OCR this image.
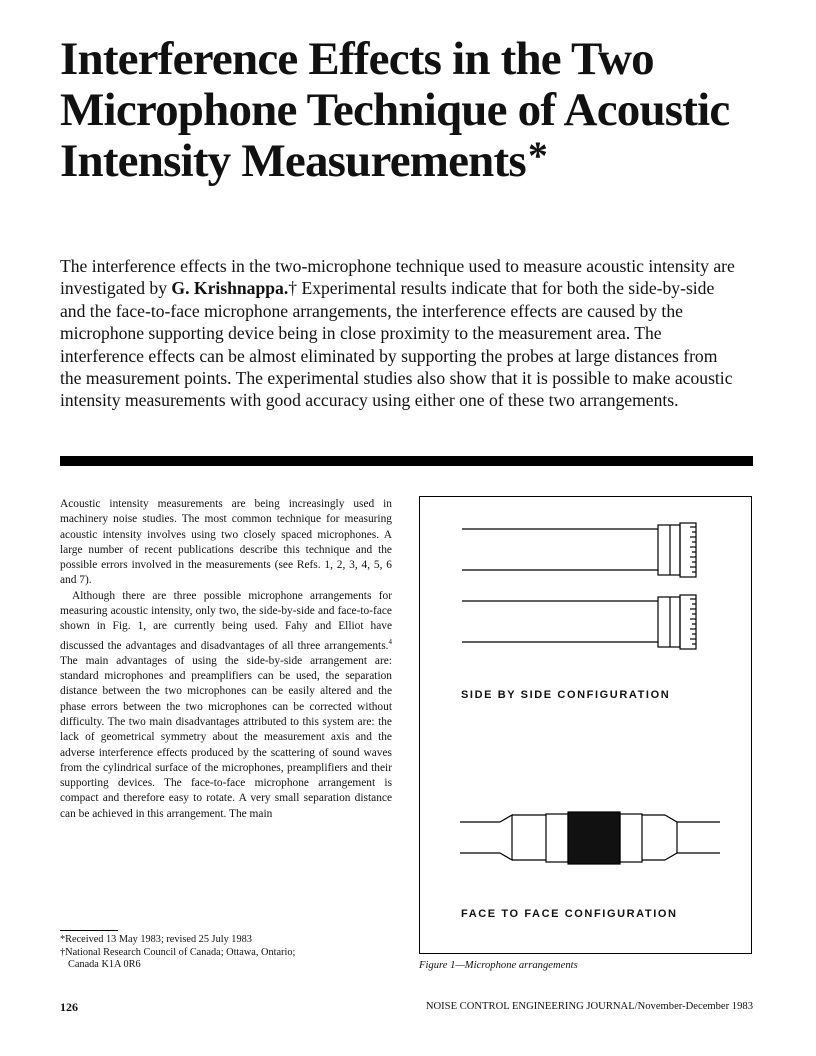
Interference Effects in the Two Microphone Technique of Acoustic Intensity Measurements*

The interference effects in the two-microphone technique used to measure acoustic intensity are investigated by G. Krishnappa.† Experimental results indicate that for both the side-by-side and the face-to-face microphone arrangements, the interference effects are caused by the microphone supporting device being in close proximity to the measurement area. The interference effects can be almost eliminated by supporting the probes at large distances from the measurement points. The experimental studies also show that it is possible to make acoustic intensity measurements with good accuracy using either one of these two arrangements.

Acoustic intensity measurements are being increasingly used in machinery noise studies. The most common technique for measuring acoustic intensity involves using two closely spaced microphones. A large number of recent publications describe this technique and the possible errors involved in the measurements (see Refs. 1, 2, 3, 4, 5, 6 and 7).

Although there are three possible microphone arrangements for measuring acoustic intensity, only two, the side-by-side and face-to-face shown in Fig. 1, are currently being used. Fahy and Elliot have discussed the advantages and disadvantages of all three arrangements.$^4$ The main advantages of using the side-by-side arrangement are: standard microphones and preamplifiers can be used, the separation distance between the two microphones can be easily altered and the phase errors between the two microphones can be corrected without difficulty. The two main disadvantages attributed to this system are: the lack of geometrical symmetry about the measurement axis and the adverse interference effects produced by the scattering of sound waves from the cylindrical surface of the microphones, preamplifiers and their supporting devices. The face-to-face microphone arrangement is compact and therefore easy to rotate. A very small separation distance can be achieved in this arrangement. The main

*Received 13 May 1983; revised 25 July 1983
†National Research Council of Canada; Ottawa, Ontario;
Canada K1A 0R6
SIDE BY SIDE CONFIGURATION
FACE TO FACE CONFIGURATION
Figure 1—Microphone arrangements
126	NOISE CONTROL ENGINEERING JOURNAL/November-December 1983
